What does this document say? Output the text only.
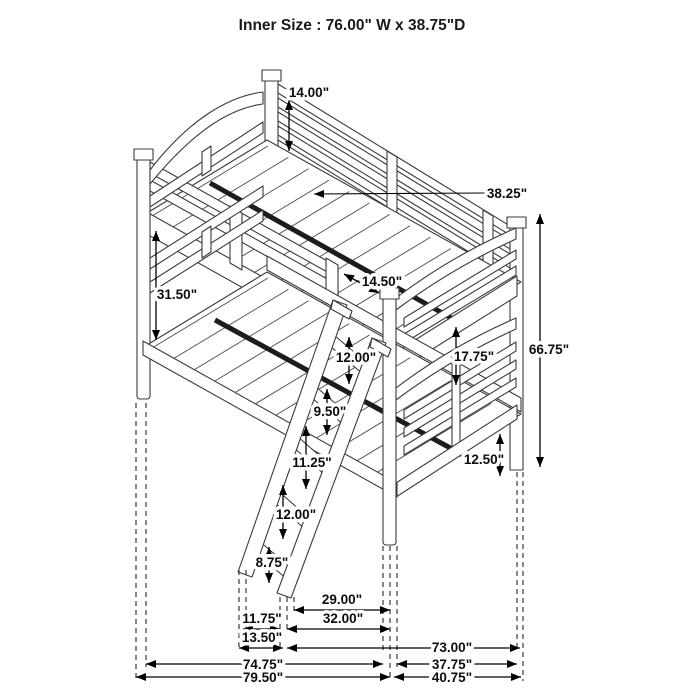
14.00"
38.25"
31.50"
14.50"
12.00"
9.50"
11.25"
12.00"
8.75"
17.75"
12.50"
66.75"
29.00"
11.75"	32.00"
13.50"
73.00"
74.75"	37.75"
79.50"	40.75"
Inner Size : 76.00" W x 38.75"D
